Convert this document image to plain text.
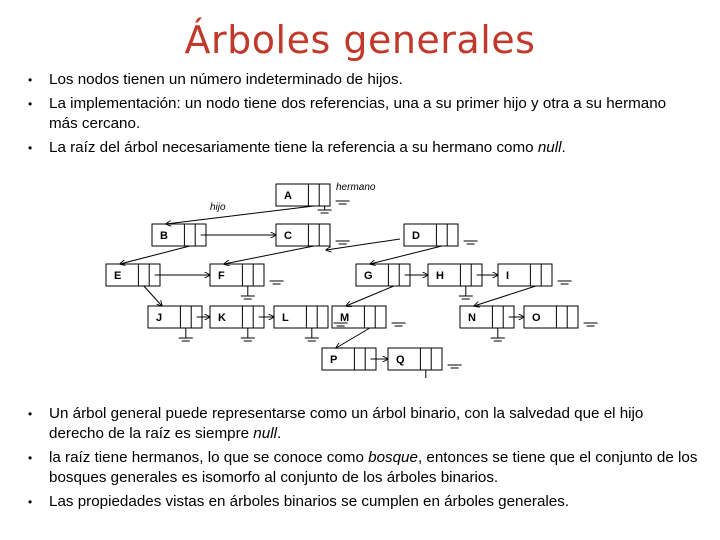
Árboles generales
• Los nodos tienen un número indeterminado de hijos.
• La implementación: un nodo tiene dos referencias, una a su primer hijo y otra a su hermano más cercano.
• La raíz del árbol necesariamente tiene la referencia a su hermano como null.
A
B	C	D
E	F	G	H	I
J	K	L	M	N	O
P	Q
hijo
hermano
• Un árbol general puede representarse como un árbol binario, con la salvedad que el hijo derecho de la raíz es siempre null.
• la raíz tiene hermanos, lo que se conoce como bosque, entonces se tiene que el conjunto de los bosques generales es isomorfo al conjunto de los árboles binarios.
• Las propiedades vistas en árboles binarios se cumplen en árboles generales.
